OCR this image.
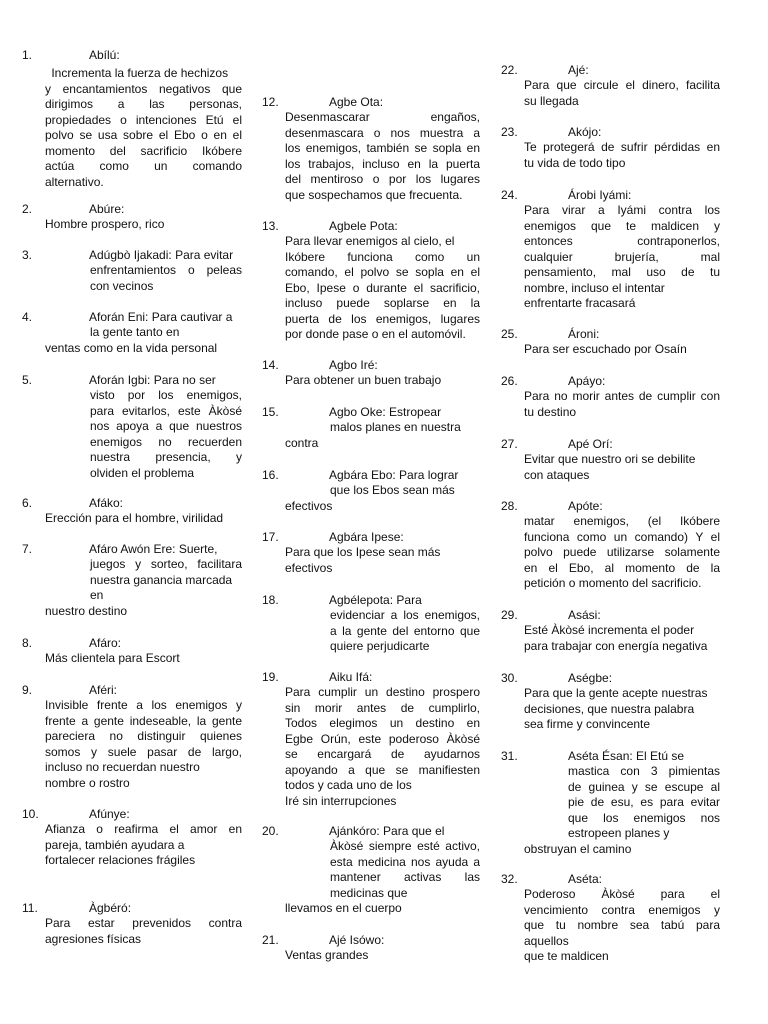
1.	Abílú:
Incrementa la fuerza de hechizos
y encantamientos negativos que
dirigimos a las personas,
propiedades o intenciones Etú el
polvo se usa sobre el Ebo o en el
momento del sacrificio Ikóbere
actúa como un comando
alternativo.
2.	Abúre:
Hombre prospero, rico
3.	Adúgbò Ijakadi: Para evitar
enfrentamientos o peleas
con vecinos
4.	Aforán Eni: Para cautivar a
la gente tanto en
ventas como en la vida personal
5.	Aforán Igbi: Para no ser
visto por los enemigos,
para evitarlos, este Àkòsé
nos apoya a que nuestros
enemigos no recuerden
nuestra presencia, y
olviden el problema
6.	Afáko:
Erección para el hombre, virilidad
7.	Afáro Awón Ere: Suerte,
juegos y sorteo, facilitara
nuestra ganancia marcada
en
nuestro destino
8.	Afáro:
Más clientela para Escort
9.	Aféri:
Invisible frente a los enemigos y
frente a gente indeseable, la gente
pareciera no distinguir quienes
somos y suele pasar de largo,
incluso no recuerdan nuestro
nombre o rostro
10.	Afúnye:
Afianza o reafirma el amor en
pareja, también ayudara a
fortalecer relaciones frágiles
11.	Àgbéró:
Para estar prevenidos contra
agresiones físicas
12.	Agbe Ota:
Desenmascarar engaños,
desenmascara o nos muestra a
los enemigos, también se sopla en
los trabajos, incluso en la puerta
del mentiroso o por los lugares
que sospechamos que frecuenta.
13.	Agbele Pota:
Para llevar enemigos al cielo, el
Ikóbere funciona como un
comando, el polvo se sopla en el
Ebo, Ipese o durante el sacrificio,
incluso puede soplarse en la
puerta de los enemigos, lugares
por donde pase o en el automóvil.
14.	Agbo Iré:
Para obtener un buen trabajo
15.	Agbo Oke: Estropear
malos planes en nuestra
contra
16.	Agbára Ebo: Para lograr
que los Ebos sean más
efectivos
17.	Agbára Ipese:
Para que los Ipese sean más
efectivos
18.	Agbélepota: Para
evidenciar a los enemigos,
a la gente del entorno que
quiere perjudicarte
19.	Aiku Ifá:
Para cumplir un destino prospero
sin morir antes de cumplirlo,
Todos elegimos un destino en
Egbe Orún, este poderoso Àkòsé
se encargará de ayudarnos
apoyando a que se manifiesten
todos y cada uno de los
Iré sin interrupciones
20.	Ajánkóro: Para que el
Àkòsé siempre esté activo,
esta medicina nos ayuda a
mantener activas las
medicinas que
llevamos en el cuerpo
21.	Ajé Isówo:
Ventas grandes
22.	Ajé:
Para que circule el dinero, facilita
su llegada
23.	Akójo:
Te protegerá de sufrir pérdidas en
tu vida de todo tipo
24.	Árobi Iyámi:
Para virar a Iyámi contra los
enemigos que te maldicen y
entonces contraponerlos,
cualquier brujería, mal
pensamiento, mal uso de tu
nombre, incluso el intentar
enfrentarte fracasará
25.	Ároni:
Para ser escuchado por Osaín
26.	Apáyo:
Para no morir antes de cumplir con
tu destino
27.	Apé Orí:
Evitar que nuestro ori se debilite
con ataques
28.	Apóte:
matar enemigos, (el Ikóbere
funciona como un comando) Y el
polvo puede utilizarse solamente
en el Ebo, al momento de la
petición o momento del sacrificio.
29.	Asási:
Esté Àkòsé incrementa el poder
para trabajar con energía negativa
30.	Aségbe:
Para que la gente acepte nuestras
decisiones, que nuestra palabra
sea firme y convincente
31.	Aséta Ésan: El Etú se
mastica con 3 pimientas
de guinea y se escupe al
pie de esu, es para evitar
que los enemigos nos
estropeen planes y
obstruyan el camino
32.	Aséta:
Poderoso Àkòsé para el
vencimiento contra enemigos y
que tu nombre sea tabú para
aquellos
que te maldicen
